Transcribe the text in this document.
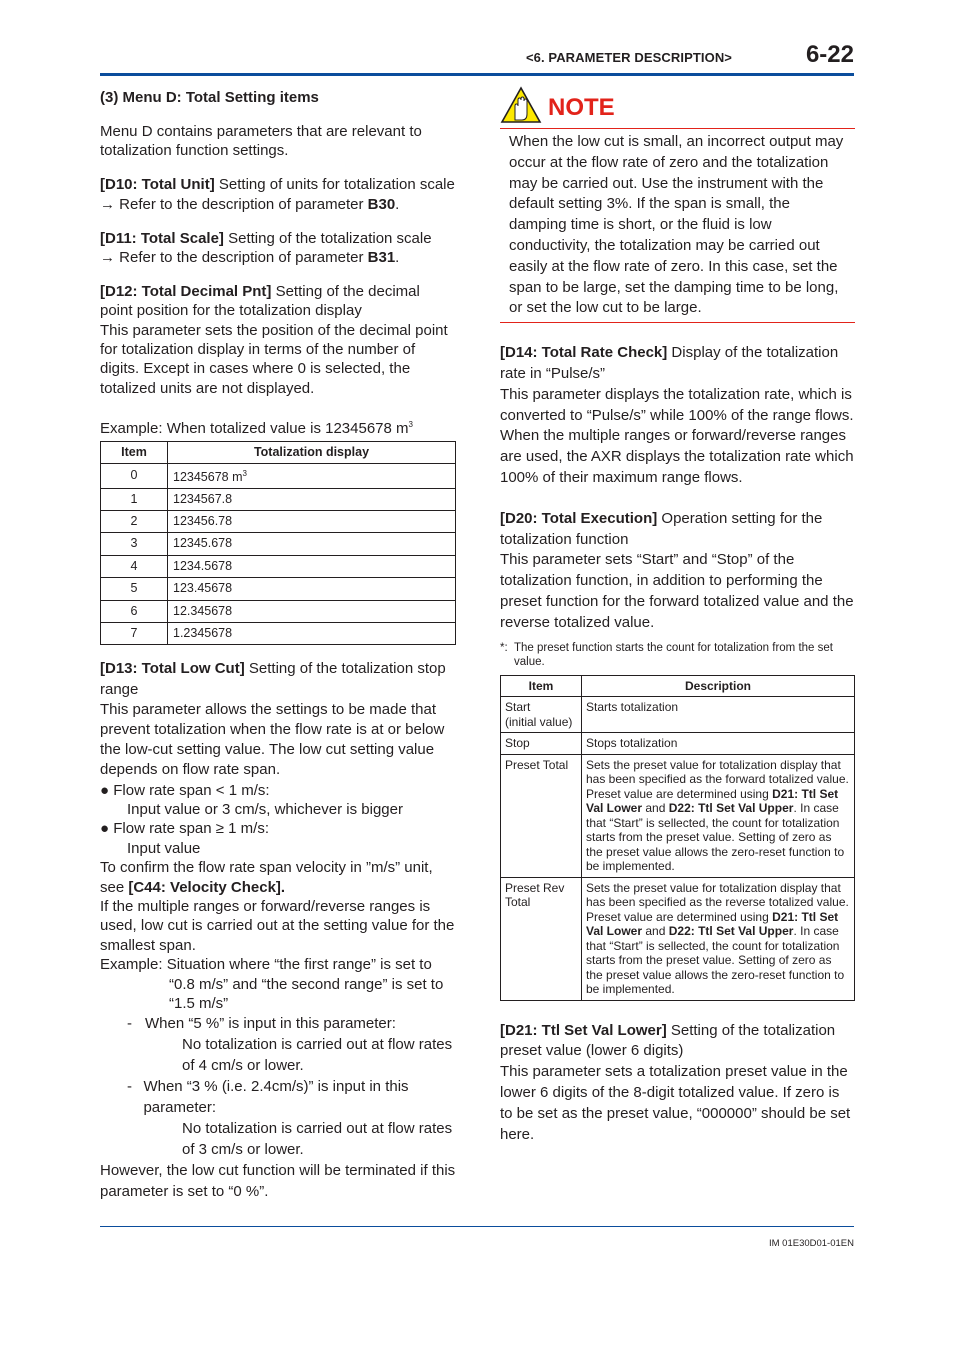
<6. PARAMETER DESCRIPTION>	6-22

(3) Menu D: Total Setting items

Menu D contains parameters that are relevant to totalization function settings.

[D10: Total Unit] Setting of units for totalization scale

→ Refer to the description of parameter B30.

[D11: Total Scale] Setting of the totalization scale

→ Refer to the description of parameter B31.

[D12: Total Decimal Pnt] Setting of the decimal point position for the totalization display

This parameter sets the position of the decimal point for totalization display in terms of the number of digits. Except in cases where 0 is selected, the totalized units are not displayed.

Example: When totalized value is 12345678 $m^3$

Item	Totalization display
0	12345678 $m^3$
1	1234567.8
2	123456.78
3	12345.678
4	1234.5678
5	123.45678
6	12.345678
7	1.2345678

[D13: Total Low Cut] Setting of the totalization stop range

This parameter allows the settings to be made that prevent totalization when the flow rate is at or below the low-cut setting value. The low cut setting value depends on flow rate span.

● Flow rate span < 1 m/s:

Input value or 3 cm/s, whichever is bigger

● Flow rate span ≥ 1 m/s:

Input value

To confirm the flow rate span velocity in ”m/s” unit, see [C44: Velocity Check].

If the multiple ranges or forward/reverse ranges is used, low cut is carried out at the setting value for the smallest span.

Example: Situation where “the first range” is set to

“0.8 m/s” and “the second range” is set to “1.5 m/s”

- When “5 %” is input in this parameter:

No totalization is carried out at flow rates of 4 cm/s or lower.

- When “3 % (i.e. 2.4cm/s)” is input in this parameter:

No totalization is carried out at flow rates of 3 cm/s or lower.

However, the low cut function will be terminated if this parameter is set to “0 %”.

NOTE

When the low cut is small, an incorrect output may occur at the flow rate of zero and the totalization may be carried out. Use the instrument with the default setting 3%. If the span is small, the damping time is short, or the fluid is low conductivity, the totalization may be carried out easily at the flow rate of zero. In this case, set the span to be large, set the damping time to be long, or set the low cut to be large.

[D14: Total Rate Check] Display of the totalization rate in “Pulse/s”

This parameter displays the totalization rate, which is converted to “Pulse/s” while 100% of the range flows.

When the multiple ranges or forward/reverse ranges are used, the AXR displays the totalization rate which 100% of their maximum range flows.

[D20: Total Execution] Operation setting for the totalization function

This parameter sets “Start” and “Stop” of the totalization function, in addition to performing the preset function for the forward totalized value and the reverse totalized value.

*: The preset function starts the count for totalization from the set value.
Item	Description
Start
(initial value)	Starts totalization
Stop	Stops totalization
Preset Total	Sets the preset value for totalization display that has been specified as the forward totalized value. Preset value are determined using D21: Ttl Set Val Lower and D22: Ttl Set Val Upper. In case that “Start” is sellected, the count for totalization starts from the preset value. Setting of zero as the preset value allows the zero-reset function to be implemented.
Preset Rev Total	Sets the preset value for totalization display that has been specified as the reverse totalized value. Preset value are determined using D21: Ttl Set Val Lower and D22: Ttl Set Val Upper. In case that “Start” is sellected, the count for totalization starts from the preset value. Setting of zero as the preset value allows the zero-reset function to be implemented.

[D21: Ttl Set Val Lower] Setting of the totalization preset value (lower 6 digits)

This parameter sets a totalization preset value in the lower 6 digits of the 8-digit totalized value. If zero is to be set as the preset value, “000000” should be set here.

IM 01E30D01-01EN
